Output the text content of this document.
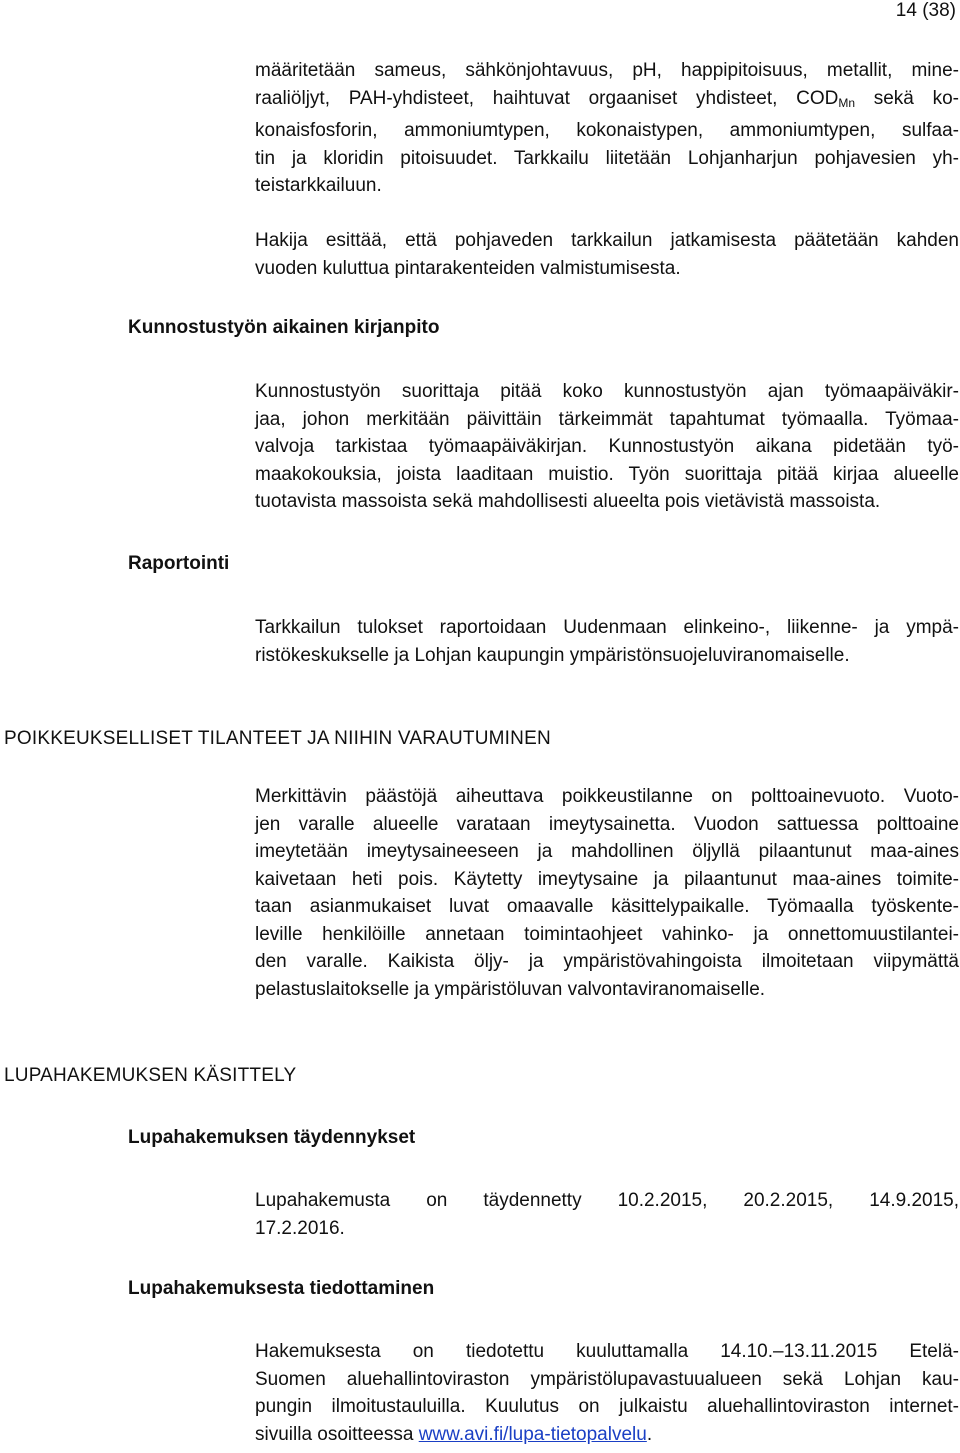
14 (38)
määritetään sameus, sähkönjohtavuus, pH, happipitoisuus, metallit, mine-
raaliöljyt, PAH-yhdisteet, haihtuvat orgaaniset yhdisteet, $COD_{Mn}$ sekä ko-
konaisfosforin, ammoniumtypen, kokonaistypen, ammoniumtypen, sulfaa-
tin ja kloridin pitoisuudet. Tarkkailu liitetään Lohjanharjun pohjavesien yh-
teistarkkailuun.
Hakija esittää, että pohjaveden tarkkailun jatkamisesta päätetään kahden
vuoden kuluttua pintarakenteiden valmistumisesta.
Kunnostustyön aikainen kirjanpito
Kunnostustyön suorittaja pitää koko kunnostustyön ajan työmaapäiväkir-
jaa, johon merkitään päivittäin tärkeimmät tapahtumat työmaalla. Työmaa-
valvoja tarkistaa työmaapäiväkirjan. Kunnostustyön aikana pidetään työ-
maakokouksia, joista laaditaan muistio. Työn suorittaja pitää kirjaa alueelle
tuotavista massoista sekä mahdollisesti alueelta pois vietävistä massoista.
Raportointi
Tarkkailun tulokset raportoidaan Uudenmaan elinkeino-, liikenne- ja ympä-
ristökeskukselle ja Lohjan kaupungin ympäristönsuojeluviranomaiselle.
POIKKEUKSELLISET TILANTEET JA NIIHIN VARAUTUMINEN
Merkittävin päästöjä aiheuttava poikkeustilanne on polttoainevuoto. Vuoto-
jen varalle alueelle varataan imeytysainetta. Vuodon sattuessa polttoaine
imeytetään imeytysaineeseen ja mahdollinen öljyllä pilaantunut maa-aines
kaivetaan heti pois. Käytetty imeytysaine ja pilaantunut maa-aines toimite-
taan asianmukaiset luvat omaavalle käsittelypaikalle. Työmaalla työskente-
leville henkilöille annetaan toimintaohjeet vahinko- ja onnettomuustilantei-
den varalle. Kaikista öljy- ja ympäristövahingoista ilmoitetaan viipymättä
pelastuslaitokselle ja ympäristöluvan valvontaviranomaiselle.
LUPAHAKEMUKSEN KÄSITTELY
Lupahakemuksen täydennykset
Lupahakemusta on täydennetty 10.2.2015, 20.2.2015, 14.9.2015,
17.2.2016.
Lupahakemuksesta tiedottaminen
Hakemuksesta on tiedotettu kuuluttamalla 14.10.–13.11.2015 Etelä-
Suomen aluehallintoviraston ympäristölupavastuualueen sekä Lohjan kau-
pungin ilmoitustauluilla. Kuulutus on julkaistu aluehallintoviraston internet-
sivuilla osoitteessa www.avi.fi/lupa-tietopalvelu.
